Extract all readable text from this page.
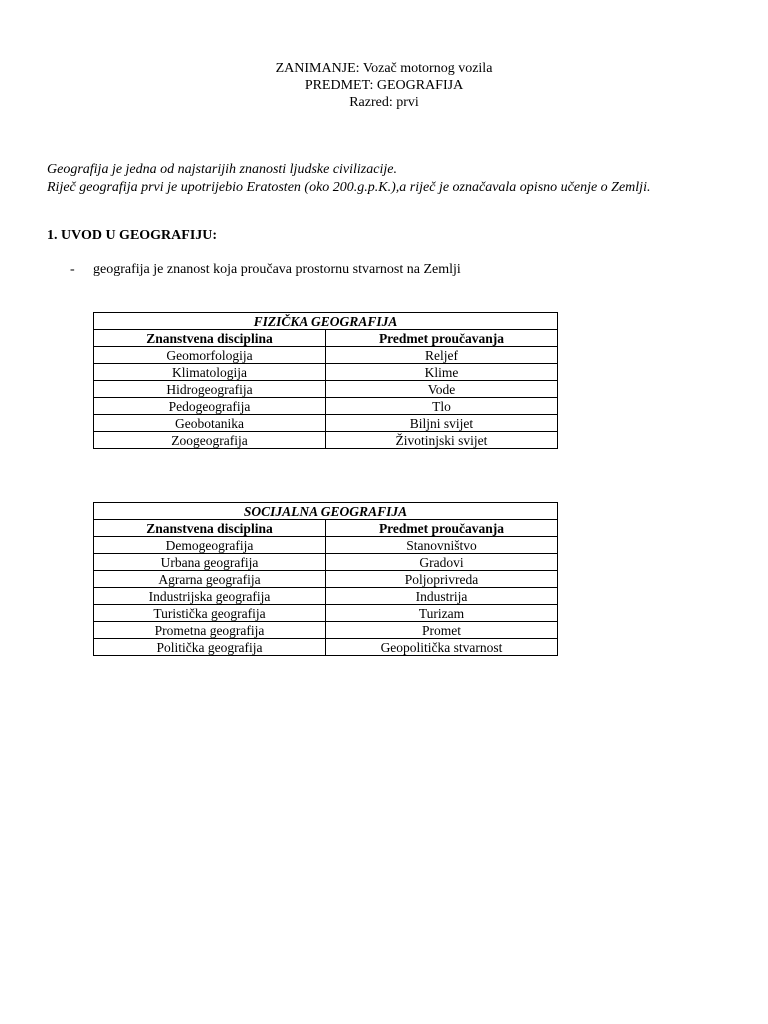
ZANIMANJE: Vozač motornog vozila
PREDMET: GEOGRAFIJA
Razred: prvi
Geografija je jedna od najstarijih znanosti ljudske civilizacije.
Riječ geografija prvi je upotrijebio Eratosten (oko 200.g.p.K.),a riječ je označavala opisno učenje o Zemlji.
1. UVOD U GEOGRAFIJU:
- geografija je znanost koja proučava prostornu stvarnost na Zemlji
FIZIČKA GEOGRAFIJA	
Znanstvena disciplina	Predmet proučavanja
Geomorfologija	Reljef
Klimatologija	Klime
Hidrogeografija	Vode
Pedogeografija	Tlo
Geobotanika	Biljni svijet
Zoogeografija	Životinjski svijet
SOCIJALNA GEOGRAFIJA	
Znanstvena disciplina	Predmet proučavanja
Demogeografija	Stanovništvo
Urbana geografija	Gradovi
Agrarna geografija	Poljoprivreda
Industrijska geografija	Industrija
Turistička geografija	Turizam
Prometna geografija	Promet
Politička geografija	Geopolitička stvarnost
